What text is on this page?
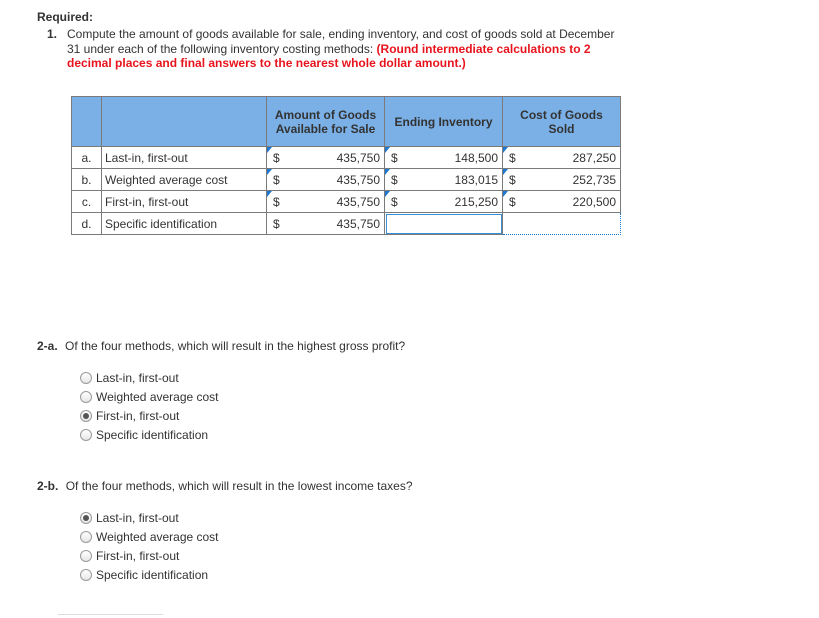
Required:
1. Compute the amount of goods available for sale, ending inventory, and cost of goods sold at December 31 under each of the following inventory costing methods: (Round intermediate calculations to 2 decimal places and final answers to the nearest whole dollar amount.)
		Amount of Goods Available for Sale	Ending Inventory	Cost of Goods Sold
a.	Last-in, first-out	$ 435,750	$ 148,500	$ 287,250

b.	Weighted average cost	$ 435,750	$ 183,015	$ 252,735

c.	First-in, first-out	$ 435,750	$ 215,250	$ 220,500

d.	Specific identification	$ 435,750		

2-a. Of the four methods, which will result in the highest gross profit?
Last-in, first-out
Weighted average cost
First-in, first-out
Specific identification
2-b. Of the four methods, which will result in the lowest income taxes?
Last-in, first-out
Weighted average cost
First-in, first-out
Specific identification
